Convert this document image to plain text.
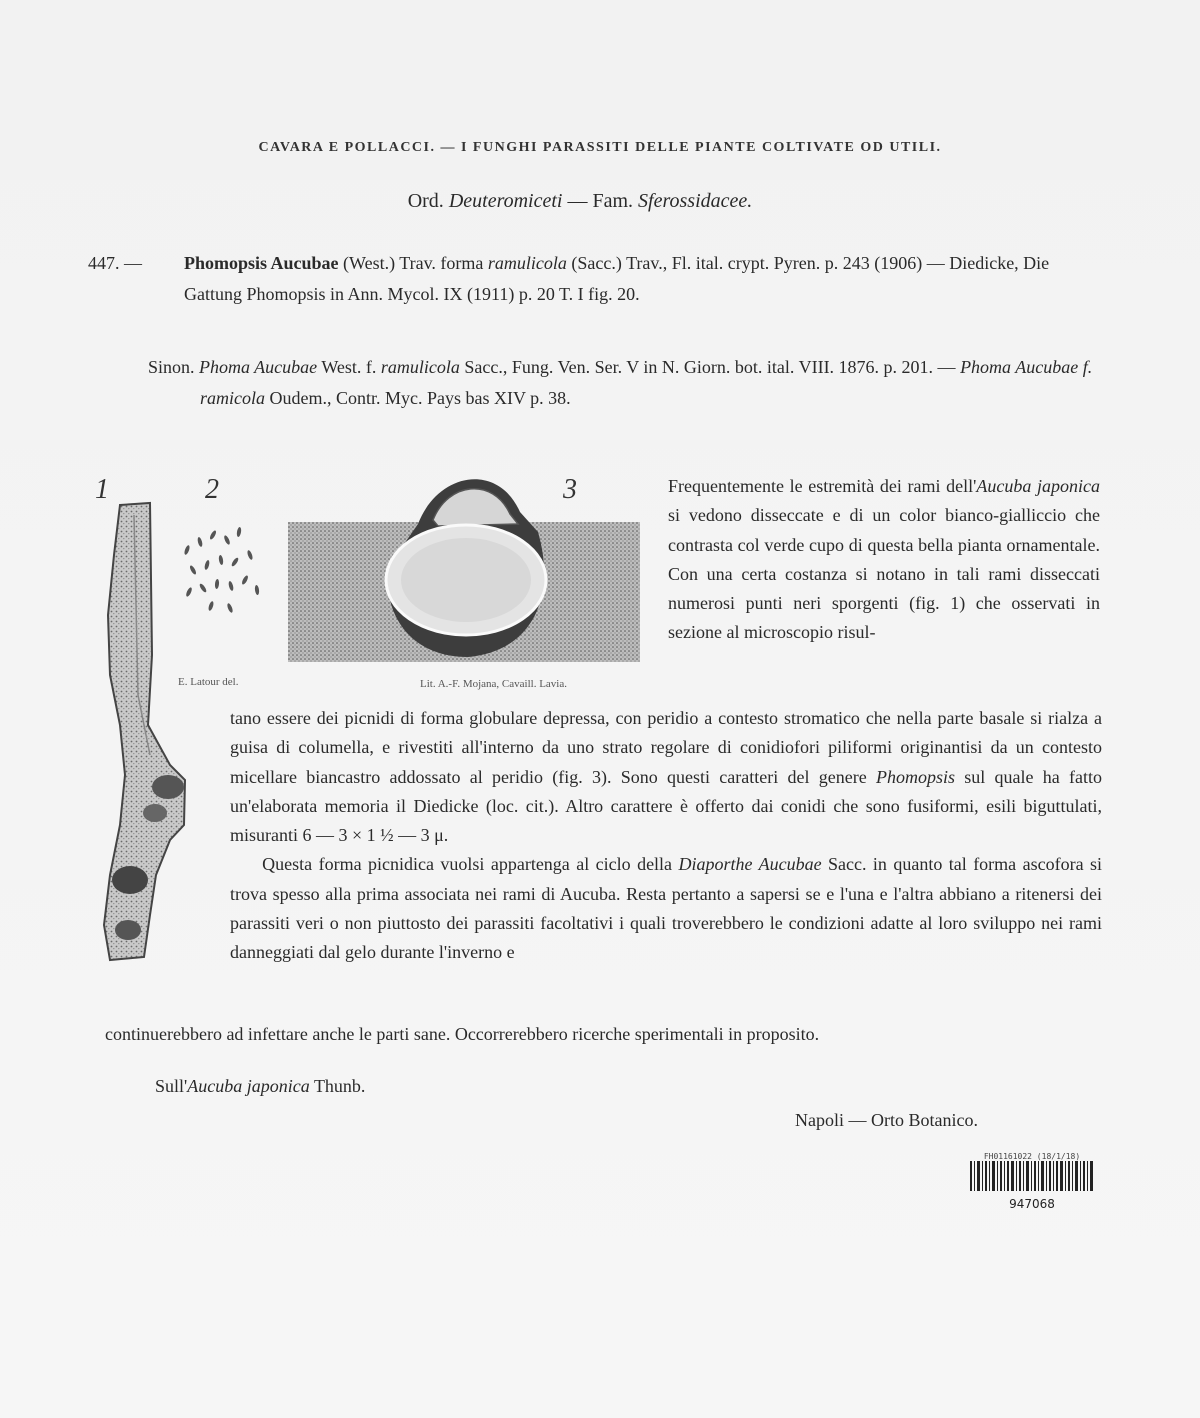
CAVARA E POLLACCI. — I FUNGHI PARASSITI DELLE PIANTE COLTIVATE OD UTILI.
Ord. Deuteromiceti — Fam. Sferossidacee.
447. —	Phomopsis Aucubae (West.) Trav. forma ramulicola (Sacc.) Trav., Fl. ital. crypt. Pyren. p. 243 (1906) — Diedicke, Die Gattung Phomopsis in Ann. Mycol. IX (1911) p. 20 T. I fig. 20.
Sinon. Phoma Aucubae West. f. ramulicola Sacc., Fung. Ven. Ser. V in N. Giorn. bot. ital. VIII. 1876. p. 201. — Phoma Aucubae f. ramicola Oudem., Contr. Myc. Pays bas XIV p. 38.
1	2	3
E. Latour del.	Lit. A.-F. Mojana, Cavaill. Lavia.
Frequentemente le estremità dei rami dell'Aucuba japonica si vedono disseccate e di un color bianco-gialliccio che contrasta col verde cupo di questa bella pianta ornamentale. Con una certa costanza si notano in tali rami disseccati numerosi punti neri sporgenti (fig. 1) che osservati in sezione al microscopio risul-
tano essere dei picnidi di forma globulare depressa, con peridio a contesto stromatico che nella parte basale si rialza a guisa di columella, e rivestiti all'interno da uno strato regolare di conidiofori piliformi originantisi da un contesto micellare biancastro addossato al peridio (fig. 3). Sono questi caratteri del genere Phomopsis sul quale ha fatto un'elaborata memoria il Diedicke (loc. cit.). Altro carattere è offerto dai conidi che sono fusiformi, esili biguttulati, misuranti 6 — 3 × 1 ½ — 3 μ.
Questa forma picnidica vuolsi appartenga al ciclo della Diaporthe Aucubae Sacc. in quanto tal forma ascofora si trova spesso alla prima associata nei rami di Aucuba. Resta pertanto a sapersi se e l'una e l'altra abbiano a ritenersi dei parassiti veri o non piuttosto dei parassiti facoltativi i quali troverebbero le condizioni adatte al loro sviluppo nei rami danneggiati dal gelo durante l'inverno e
continuerebbero ad infettare anche le parti sane. Occorrerebbero ricerche sperimentali in proposito.
Sull'Aucuba japonica Thunb.
Napoli — Orto Botanico.
FH01161022 (18/1/18)
947068
